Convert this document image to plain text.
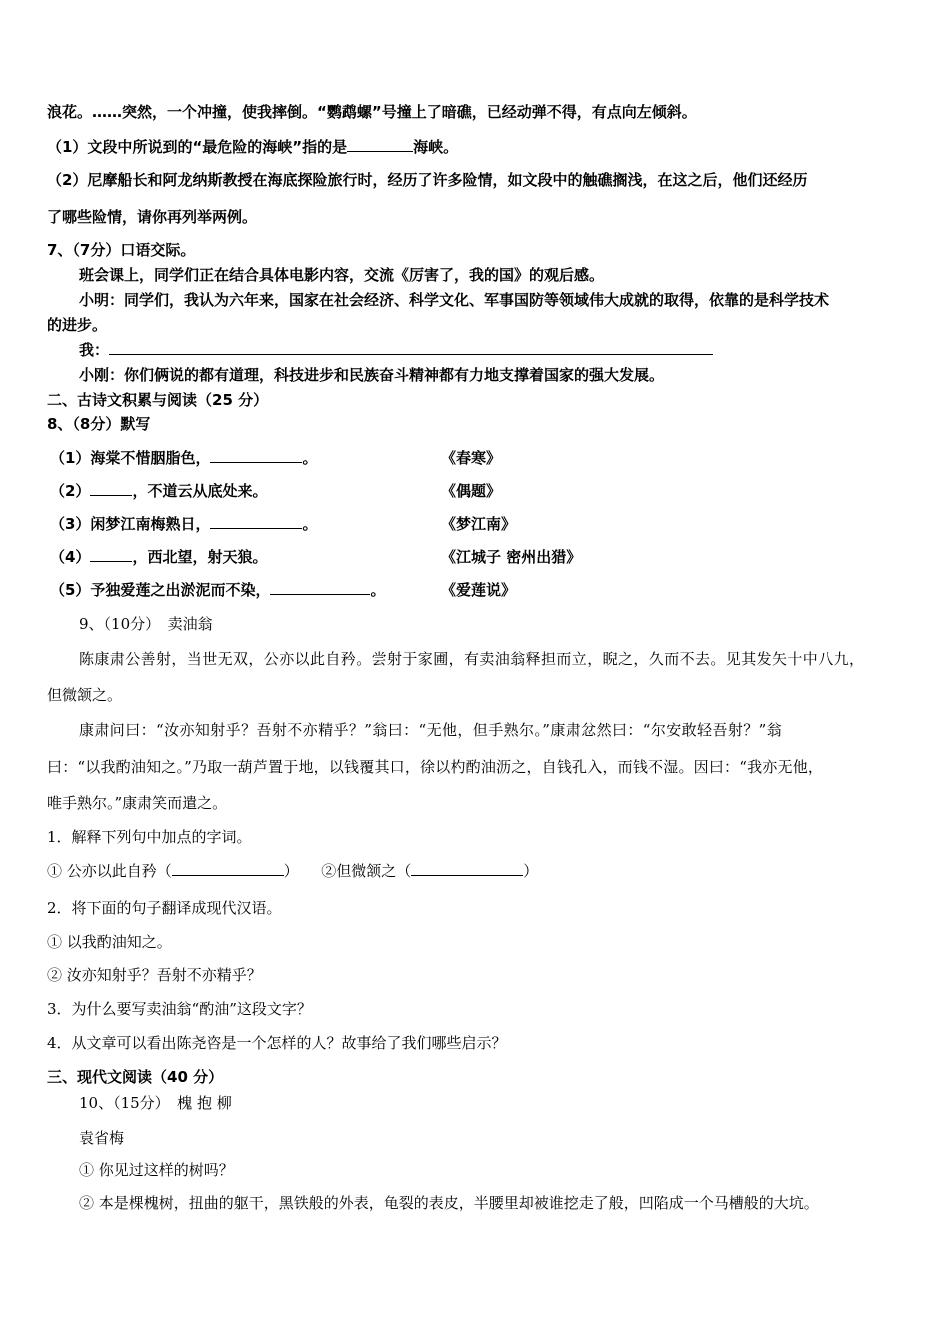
浪花。……突然，一个冲撞，使我摔倒。“鹦鹉螺”号撞上了暗礁，已经动弹不得，有点向左倾斜。
（1）文段中所说到的“最危险的海峡”指的是	海峡。
（2）尼摩船长和阿龙纳斯教授在海底探险旅行时，经历了许多险情，如文段中的触礁搁浅，在这之后，他们还经历
了哪些险情，请你再列举两例。
7、（7分）口语交际。
班会课上，同学们正在结合具体电影内容，交流《厉害了，我的国》的观后感。
小明：同学们，我认为六年来，国家在社会经济、科学文化、军事国防等领域伟大成就的取得，依靠的是科学技术
的进步。
我：
小刚：你们俩说的都有道理，科技进步和民族奋斗精神都有力地支撑着国家的强大发展。
二、古诗文积累与阅读（25 分）
8、（8分）默写
（1）海棠不惜胭脂色，	。	《春寒》
（2）	，不道云从底处来。	《偶题》
（3）闲梦江南梅熟日，	。	《梦江南》
（4）	，西北望，射天狼。	《江城子 密州出猎》
（5）予独爱莲之出淤泥而不染，	。	《爱莲说》
9、（10分）　卖油翁
陈康肃公善射，当世无双，公亦以此自矜。尝射于家圃，有卖油翁释担而立，睨之，久而不去。见其发矢十中八九，
但微颔之。
康肃问曰：“汝亦知射乎？吾射不亦精乎？”翁曰：“无他，但手熟尔。”康肃忿然曰：“尔安敢轻吾射？”翁
曰：“以我酌油知之。”乃取一葫芦置于地，以钱覆其口，徐以杓酌油沥之，自钱孔入，而钱不湿。因曰：“我亦无他，
唯手熟尔。”康肃笑而遣之。
1．解释下列句中加点的字词。
① 公亦以此自矜（	）　　②但微颔之（	）
2．将下面的句子翻译成现代汉语。
① 以我酌油知之。
② 汝亦知射乎？吾射不亦精乎？
3．为什么要写卖油翁“酌油”这段文字？
4．从文章可以看出陈尧咨是一个怎样的人？故事给了我们哪些启示？
三、现代文阅读（40 分）
10、（15分）　槐 抱 柳
袁省梅
① 你见过这样的树吗？
② 本是棵槐树，扭曲的躯干，黑铁般的外表，龟裂的表皮，半腰里却被谁挖走了般，凹陷成一个马槽般的大坑。
